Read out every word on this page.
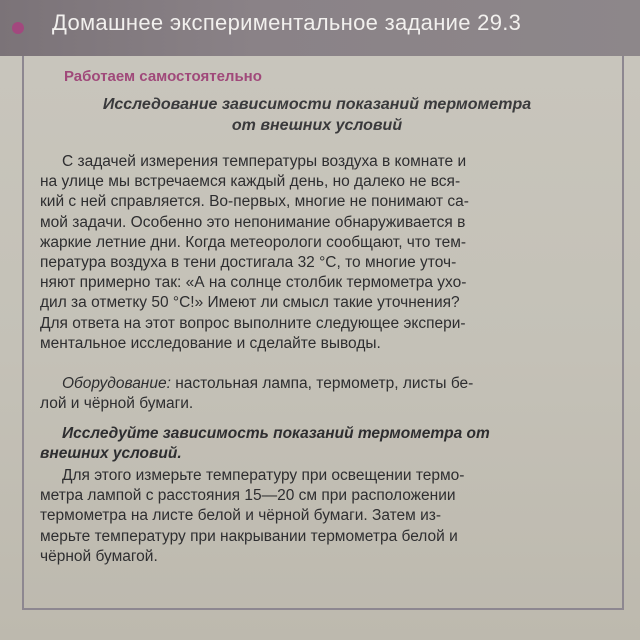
Домашнее экспериментальное задание 29.3
Работаем самостоятельно
Исследование зависимости показаний термометра
от внешних условий
С задачей измерения температуры воздуха в комнате и
на улице мы встречаемся каждый день, но далеко не вся-
кий с ней справляется. Во-первых, многие не понимают са-
мой задачи. Особенно это непонимание обнаруживается в
жаркие летние дни. Когда метеорологи сообщают, что тем-
пература воздуха в тени достигала 32 °C, то многие уточ-
няют примерно так: «А на солнце столбик термометра ухо-
дил за отметку 50 °C!» Имеют ли смысл такие уточнения?
Для ответа на этот вопрос выполните следующее экспери-
ментальное исследование и сделайте выводы.
Оборудование: настольная лампа, термометр, листы бе-
лой и чёрной бумаги.
Исследуйте зависимость показаний термометра от
внешних условий.
Для этого измерьте температуру при освещении термо-
метра лампой с расстояния 15—20 см при расположении
термометра на листе белой и чёрной бумаги. Затем из-
мерьте температуру при накрывании термометра белой и
чёрной бумагой.
